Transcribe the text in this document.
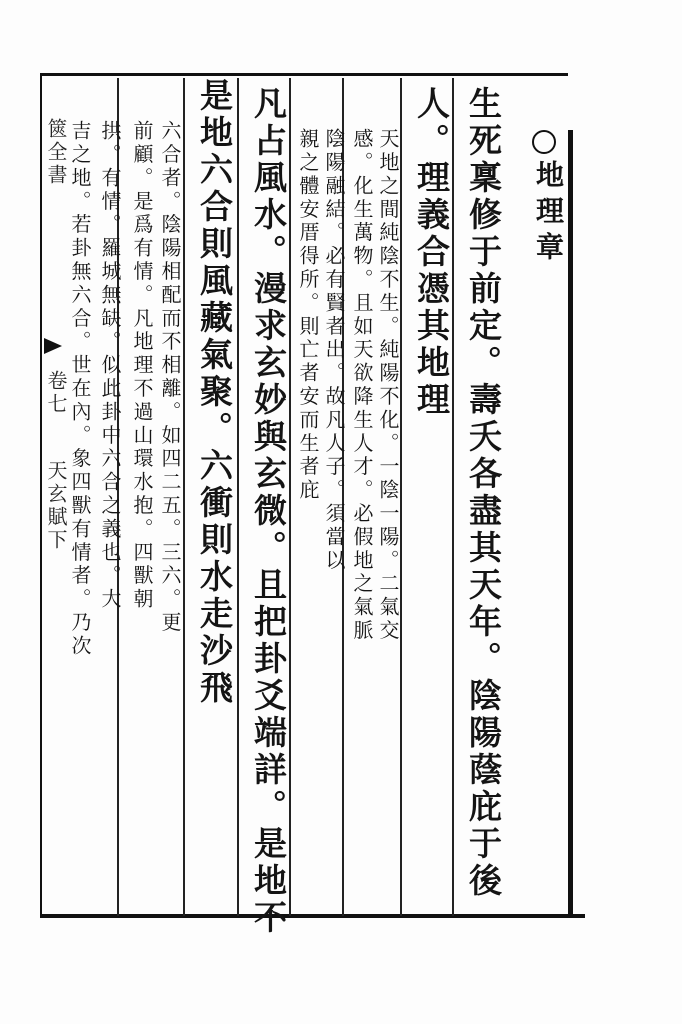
地理章
生死稟修于前定。壽夭各盡其天年。陰陽蔭庇于後
人。理義合憑其地理
天地之間純陰不生。純陽不化。一陰一陽。二氣交
感。化生萬物。且如天欲降生人才。必假地之氣脈
陰陽融結。必有賢者出。故凡人子。須當以
親之體安厝得所。則亡者安而生者庇
凡占風水。漫求玄妙與玄微。且把卦爻端詳。是地不
是地六合則風藏氣聚。六衝則水走沙飛
六合者。陰陽相配而不相離。如四二五。三六。更
前顧。是爲有情。凡地理不過山環水抱。四獸朝
拱。有情。羅城無缺。似此卦中六合之義也。大
吉之地。若卦無六合。世在內。象四獸有情者。乃次
篋全書
卷七
天玄賦下
